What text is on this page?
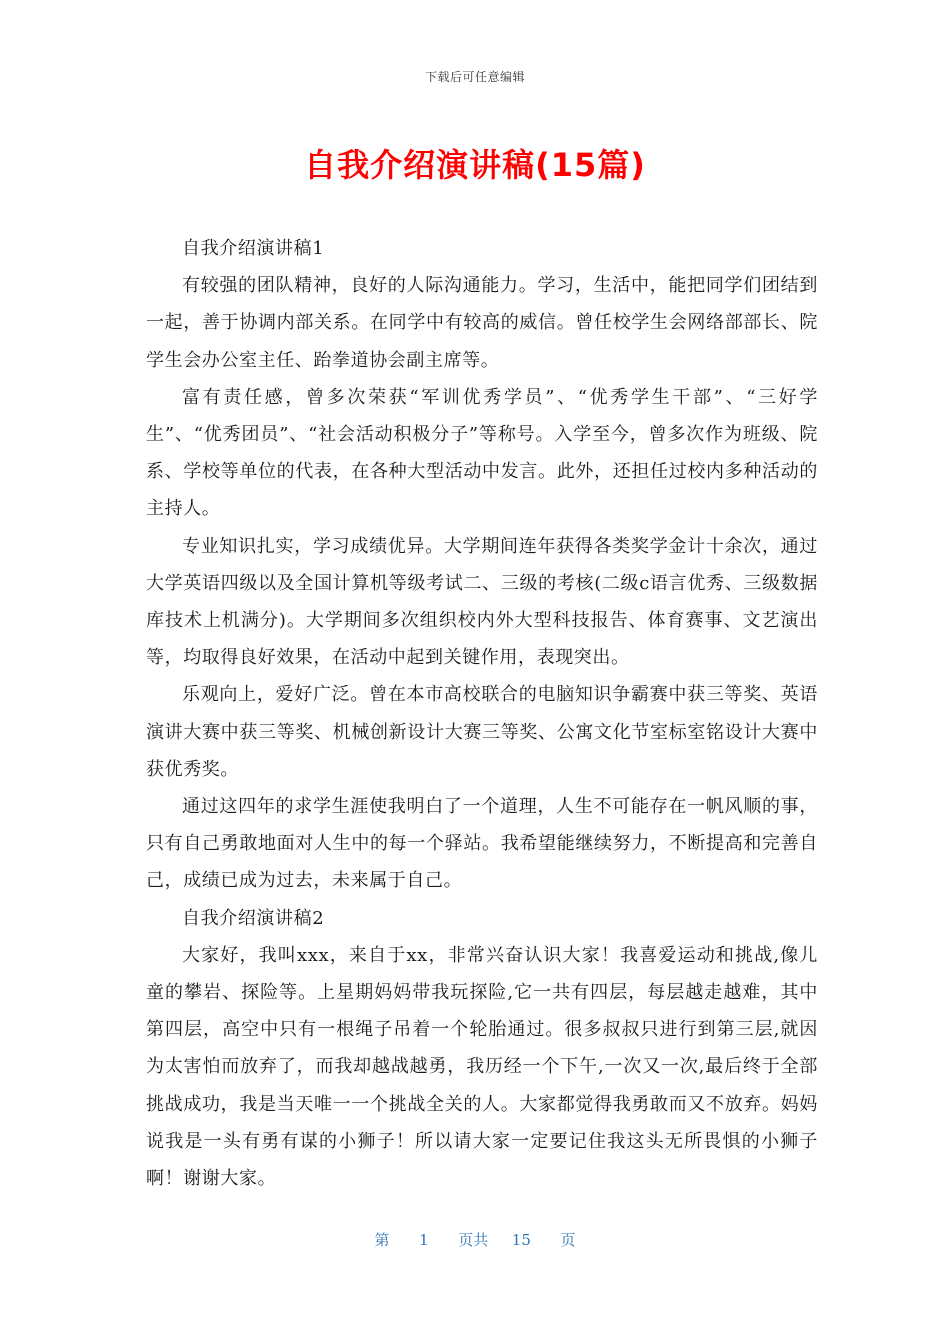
下载后可任意编辑
自我介绍演讲稿(15篇)

自我介绍演讲稿1

有较强的团队精神，良好的人际沟通能力。学习，生活中，能把同学们团结到一起，善于协调内部关系。在同学中有较高的威信。曾任校学生会网络部部长、院学生会办公室主任、跆拳道协会副主席等。

富有责任感，曾多次荣获“军训优秀学员”、“优秀学生干部”、“三好学生”、“优秀团员”、“社会活动积极分子”等称号。入学至今，曾多次作为班级、院系、学校等单位的代表，在各种大型活动中发言。此外，还担任过校内多种活动的主持人。

专业知识扎实，学习成绩优异。大学期间连年获得各类奖学金计十余次，通过大学英语四级以及全国计算机等级考试二、三级的考核(二级c语言优秀、三级数据库技术上机满分)。大学期间多次组织校内外大型科技报告、体育赛事、文艺演出等，均取得良好效果，在活动中起到关键作用，表现突出。

乐观向上，爱好广泛。曾在本市高校联合的电脑知识争霸赛中获三等奖、英语演讲大赛中获三等奖、机械创新设计大赛三等奖、公寓文化节室标室铭设计大赛中获优秀奖。

通过这四年的求学生涯使我明白了一个道理，人生不可能存在一帆风顺的事，只有自己勇敢地面对人生中的每一个驿站。我希望能继续努力，不断提高和完善自己，成绩已成为过去，未来属于自己。

自我介绍演讲稿2

大家好，我叫xxx，来自于xx，非常兴奋认识大家！我喜爱运动和挑战,像儿童的攀岩、探险等。上星期妈妈带我玩探险,它一共有四层，每层越走越难，其中第四层，高空中只有一根绳子吊着一个轮胎通过。很多叔叔只进行到第三层,就因为太害怕而放弃了，而我却越战越勇，我历经一个下午,一次又一次,最后终于全部挑战成功，我是当天唯一一个挑战全关的人。大家都觉得我勇敢而又不放弃。妈妈说我是一头有勇有谋的小狮子！所以请大家一定要记住我这头无所畏惧的小狮子啊！谢谢大家。

第 1 页共 15 页
